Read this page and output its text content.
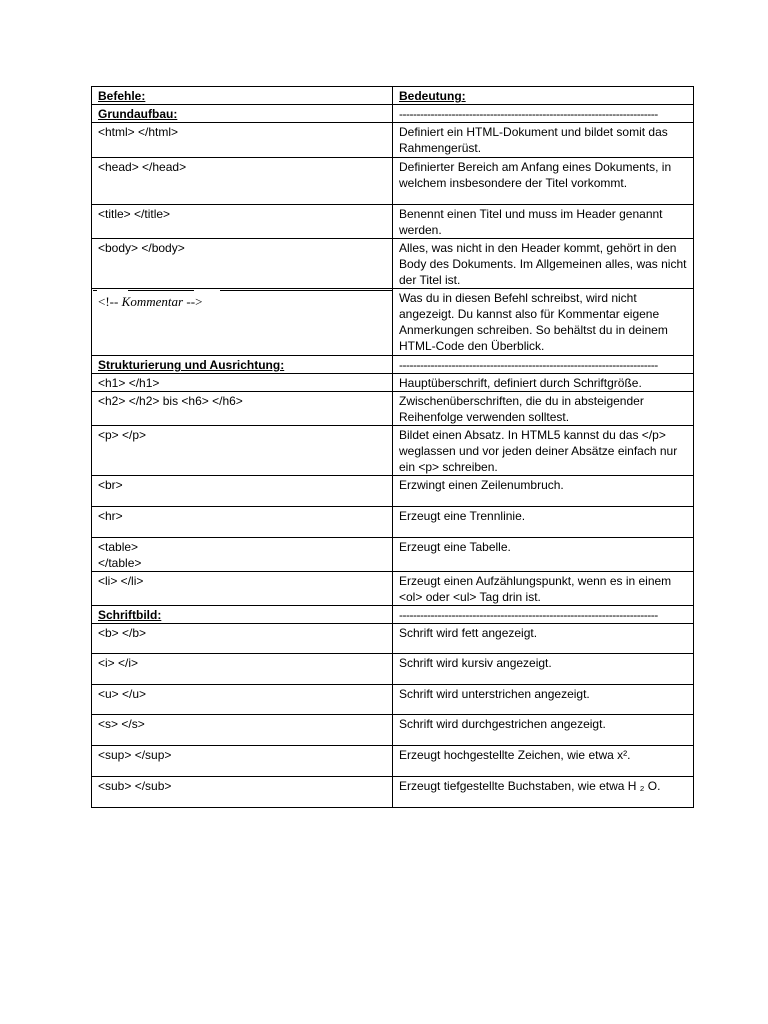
Befehle:	Bedeutung:
Grundaufbau:	--------------------------------------------------------------------------
<html> </html>	Definiert ein HTML-Dokument und bildet somit das Rahmengerüst.
<head> </head>	Definierter Bereich am Anfang eines Dokuments, in welchem insbesondere der Titel vorkommt.
<title> </title>	Benennt einen Titel und muss im Header genannt werden.
<body> </body>	Alles, was nicht in den Header kommt, gehört in den Body des Dokuments. Im Allgemeinen alles, was nicht der Titel ist.

<!-- Kommentar -->	Was du in diesen Befehl schreibst, wird nicht angezeigt. Du kannst also für Kommentar eigene Anmerkungen schreiben. So behältst du in deinem HTML-Code den Überblick.
Strukturierung und Ausrichtung:	--------------------------------------------------------------------------
<h1> </h1>	Hauptüberschrift, definiert durch Schriftgröße.
<h2> </h2> bis <h6> </h6>	Zwischenüberschriften, die du in absteigender Reihenfolge verwenden solltest.
<p> </p>	Bildet einen Absatz. In HTML5 kannst du das </p> weglassen und vor jeden deiner Absätze einfach nur ein <p> schreiben.
<br>	Erzwingt einen Zeilenumbruch.
<hr>	Erzeugt eine Trennlinie.

<table>
</table>	Erzeugt eine Tabelle.
<li> </li>	Erzeugt einen Aufzählungspunkt, wenn es in einem <ol> oder <ul> Tag drin ist.
Schriftbild:	--------------------------------------------------------------------------
<b> </b>	Schrift wird fett angezeigt.
<i> </i>	Schrift wird kursiv angezeigt.
<u> </u>	Schrift wird unterstrichen angezeigt.
<s> </s>	Schrift wird durchgestrichen angezeigt.
<sup> </sup>	Erzeugt hochgestellte Zeichen, wie etwa x².
<sub> </sub>	Erzeugt tiefgestellte Buchstaben, wie etwa H ₂ O.
